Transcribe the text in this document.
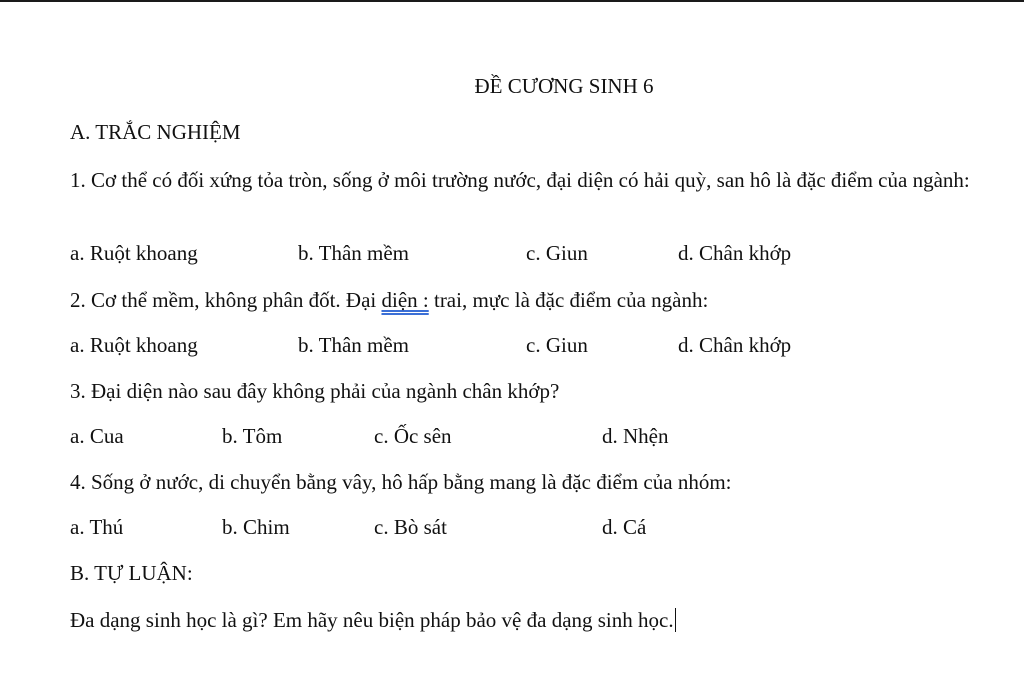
ĐỀ CƯƠNG SINH 6
A. TRẮC NGHIỆM
1. Cơ thể có đối xứng tỏa tròn, sống ở môi trường nước, đại diện có hải quỳ, san hô là đặc điểm của ngành:
a. Ruột khoang	b. Thân mềm	c. Giun	d. Chân khớp
2. Cơ thể mềm, không phân đốt. Đại diện : trai, mực là đặc điểm của ngành:
a. Ruột khoang	b. Thân mềm	c. Giun	d. Chân khớp
3. Đại diện nào sau đây không phải của ngành chân khớp?
a. Cua	b. Tôm	c. Ốc sên	d. Nhện
4. Sống ở nước, di chuyển bằng vây, hô hấp bằng mang là đặc điểm của nhóm:
a. Thú	b. Chim	c. Bò sát	d. Cá
B. TỰ LUẬN:
Đa dạng sinh học là gì? Em hãy nêu biện pháp bảo vệ đa dạng sinh học.
